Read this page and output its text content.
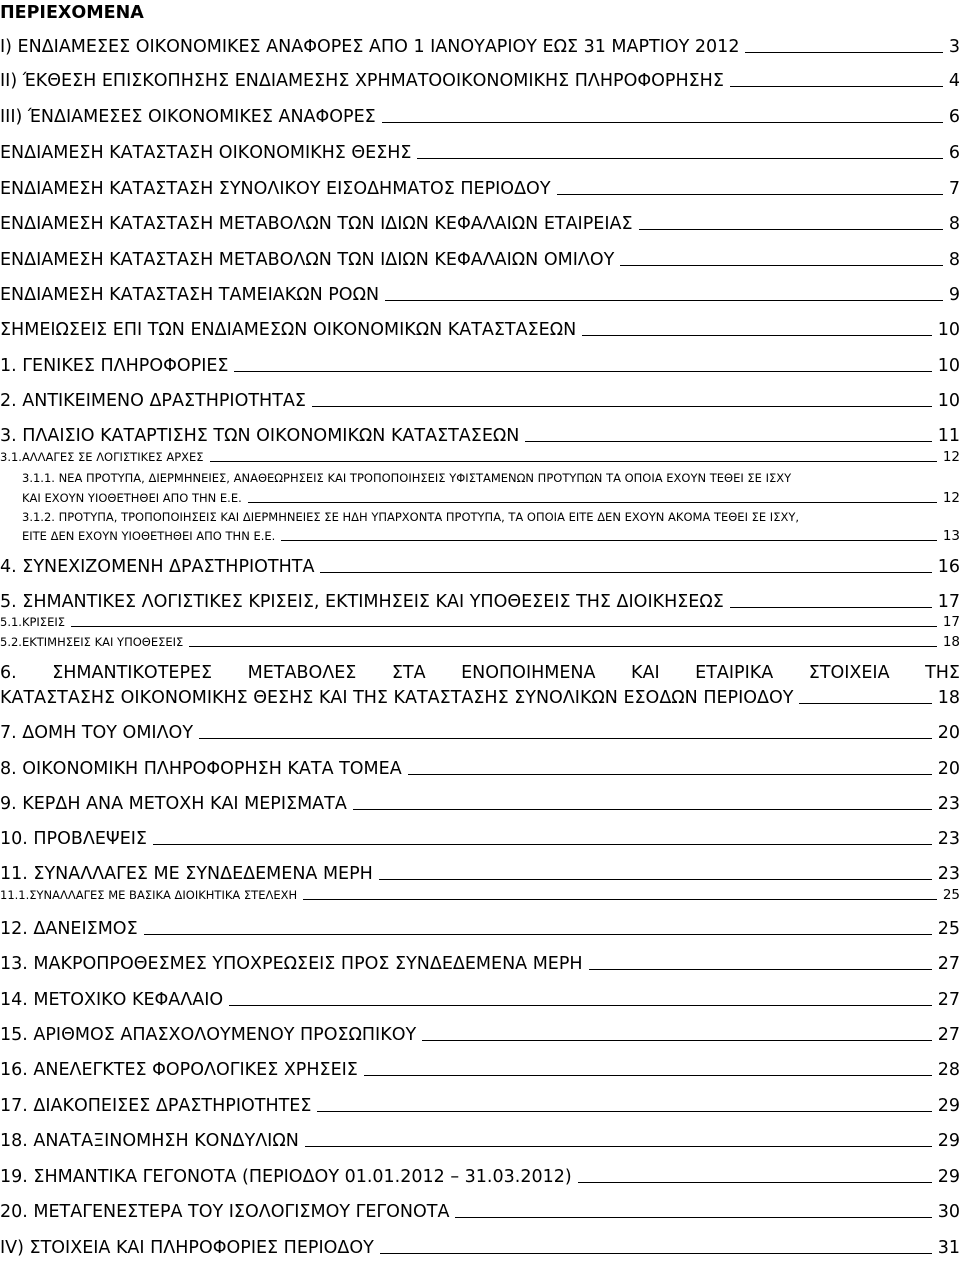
ΠΕΡΙΕΧΟΜΕΝΑ
I) ΕΝΔΙΑΜΕΣΕΣ ΟΙΚΟΝΟΜΙΚΕΣ ΑΝΑΦΟΡΕΣ ΑΠΟ 1 ΙΑΝΟΥΑΡΙΟΥ ΕΩΣ 31 ΜΑΡΤΙΟΥ 2012	3
II) ΈΚΘΕΣΗ ΕΠΙΣΚΟΠΗΣΗΣ ΕΝΔΙΑΜΕΣΗΣ ΧΡΗΜΑΤΟΟΙΚΟΝΟΜΙΚΗΣ ΠΛΗΡΟΦΟΡΗΣΗΣ	4
III) ΈΝΔΙΑΜΕΣΕΣ ΟΙΚΟΝΟΜΙΚΕΣ ΑΝΑΦΟΡΕΣ	6
ΕΝΔΙΑΜΕΣΗ ΚΑΤΑΣΤΑΣΗ ΟΙΚΟΝΟΜΙΚΗΣ ΘΕΣΗΣ	6
ΕΝΔΙΑΜΕΣΗ ΚΑΤΑΣΤΑΣΗ ΣΥΝΟΛΙΚΟΥ ΕΙΣΟΔΗΜΑΤΟΣ ΠΕΡΙΟΔΟΥ	7
ΕΝΔΙΑΜΕΣΗ ΚΑΤΑΣΤΑΣΗ ΜΕΤΑΒΟΛΩΝ ΤΩΝ ΙΔΙΩΝ ΚΕΦΑΛΑΙΩΝ ΕΤΑΙΡΕΙΑΣ	8
ΕΝΔΙΑΜΕΣΗ ΚΑΤΑΣΤΑΣΗ ΜΕΤΑΒΟΛΩΝ ΤΩΝ ΙΔΙΩΝ ΚΕΦΑΛΑΙΩΝ ΟΜΙΛΟΥ	8
ΕΝΔΙΑΜΕΣΗ ΚΑΤΑΣΤΑΣΗ ΤΑΜΕΙΑΚΩΝ ΡΟΩΝ	9
ΣΗΜΕΙΩΣΕΙΣ ΕΠΙ ΤΩΝ ΕΝΔΙΑΜΕΣΩΝ ΟΙΚΟΝΟΜΙΚΩΝ ΚΑΤΑΣΤΑΣΕΩΝ	10
1. ΓΕΝΙΚΕΣ ΠΛΗΡΟΦΟΡΙΕΣ	10
2. ΑΝΤΙΚΕΙΜΕΝΟ ΔΡΑΣΤΗΡΙΟΤΗΤΑΣ	10
3. ΠΛΑΙΣΙΟ ΚΑΤΑΡΤΙΣΗΣ ΤΩΝ ΟΙΚΟΝΟΜΙΚΩΝ ΚΑΤΑΣΤΑΣΕΩΝ	11
3.1.ΑΛΛΑΓΕΣ ΣΕ ΛΟΓΙΣΤΙΚΕΣ ΑΡΧΕΣ	12
3.1.1. ΝΕΑ ΠΡΟΤΥΠΑ, ΔΙΕΡΜΗΝΕΙΕΣ, ΑΝΑΘΕΩΡΗΣΕΙΣ ΚΑΙ ΤΡΟΠΟΠΟΙΗΣΕΙΣ ΥΦΙΣΤΑΜΕΝΩΝ ΠΡΟΤΥΠΩΝ ΤΑ ΟΠΟΙΑ ΕΧΟΥΝ ΤΕΘΕΙ ΣΕ ΙΣΧΥ
ΚΑΙ ΕΧΟΥΝ ΥΙΟΘΕΤΗΘΕΙ ΑΠΟ ΤΗΝ Ε.Ε.	12
3.1.2. ΠΡΟΤΥΠΑ, ΤΡΟΠΟΠΟΙΗΣΕΙΣ ΚΑΙ ΔΙΕΡΜΗΝΕΙΕΣ ΣΕ ΗΔΗ ΥΠΑΡΧΟΝΤΑ ΠΡΟΤΥΠΑ, ΤΑ ΟΠΟΙΑ ΕΙΤΕ ΔΕΝ ΕΧΟΥΝ ΑΚΟΜΑ ΤΕΘΕΙ ΣΕ ΙΣΧΥ,
ΕΙΤΕ ΔΕΝ ΕΧΟΥΝ ΥΙΟΘΕΤΗΘΕΙ ΑΠΟ ΤΗΝ Ε.Ε.	13
4. ΣΥΝΕΧΙΖΟΜΕΝΗ ΔΡΑΣΤΗΡΙΟΤΗΤΑ	16
5. ΣΗΜΑΝΤΙΚΕΣ ΛΟΓΙΣΤΙΚΕΣ ΚΡΙΣΕΙΣ, ΕΚΤΙΜΗΣΕΙΣ ΚΑΙ ΥΠΟΘΕΣΕΙΣ ΤΗΣ ΔΙΟΙΚΗΣΕΩΣ	17
5.1.ΚΡΙΣΕΙΣ	17
5.2.ΕΚΤΙΜΗΣΕΙΣ ΚΑΙ ΥΠΟΘΕΣΕΙΣ	18
6. ΣΗΜΑΝΤΙΚΟΤΕΡΕΣ ΜΕΤΑΒΟΛΕΣ ΣΤΑ ΕΝΟΠΟΙΗΜΕΝΑ ΚΑΙ ΕΤΑΙΡΙΚΑ ΣΤΟΙΧΕΙΑ ΤΗΣ
ΚΑΤΑΣΤΑΣΗΣ ΟΙΚΟΝΟΜΙΚΗΣ ΘΕΣΗΣ ΚΑΙ ΤΗΣ ΚΑΤΑΣΤΑΣΗΣ ΣΥΝΟΛΙΚΩΝ ΕΣΟΔΩΝ ΠΕΡΙΟΔΟΥ	18
7. ΔΟΜΗ ΤΟΥ ΟΜΙΛΟΥ	20
8. ΟΙΚΟΝΟΜΙΚΗ ΠΛΗΡΟΦΟΡΗΣΗ ΚΑΤΑ ΤΟΜΕΑ	20
9. ΚΕΡΔΗ ΑΝΑ ΜΕΤΟΧΗ ΚΑΙ ΜΕΡΙΣΜΑΤΑ	23
10. ΠΡΟΒΛΕΨΕΙΣ	23
11. ΣΥΝΑΛΛΑΓΕΣ ΜΕ ΣΥΝΔΕΔΕΜΕΝΑ ΜΕΡΗ	23
11.1.ΣΥΝΑΛΛΑΓΕΣ ΜΕ ΒΑΣΙΚΑ ΔΙΟΙΚΗΤΙΚΑ ΣΤΕΛΕΧΗ	25
12. ΔΑΝΕΙΣΜΟΣ	25
13. ΜΑΚΡΟΠΡΟΘΕΣΜΕΣ ΥΠΟΧΡΕΩΣΕΙΣ ΠΡΟΣ ΣΥΝΔΕΔΕΜΕΝΑ ΜΕΡΗ	27
14. ΜΕΤΟΧΙΚΟ ΚΕΦΑΛΑΙΟ	27
15. ΑΡΙΘΜΟΣ ΑΠΑΣΧΟΛΟΥΜΕΝΟΥ ΠΡΟΣΩΠΙΚΟΥ	27
16. ΑΝΕΛΕΓΚΤΕΣ ΦΟΡΟΛΟΓΙΚΕΣ ΧΡΗΣΕΙΣ	28
17. ΔΙΑΚΟΠΕΙΣΕΣ ΔΡΑΣΤΗΡΙΟΤΗΤΕΣ	29
18. ΑΝΑΤΑΞΙΝΟΜΗΣΗ ΚΟΝΔΥΛΙΩΝ	29
19. ΣΗΜΑΝΤΙΚΑ ΓΕΓΟΝΟΤΑ (ΠΕΡΙΟΔΟΥ 01.01.2012 – 31.03.2012)	29
20. ΜΕΤΑΓΕΝΕΣΤΕΡΑ ΤΟΥ ΙΣΟΛΟΓΙΣΜΟΥ ΓΕΓΟΝΟΤΑ	30
IV) ΣΤΟΙΧΕΙΑ ΚΑΙ ΠΛΗΡΟΦΟΡΙΕΣ ΠΕΡΙΟΔΟΥ	31
